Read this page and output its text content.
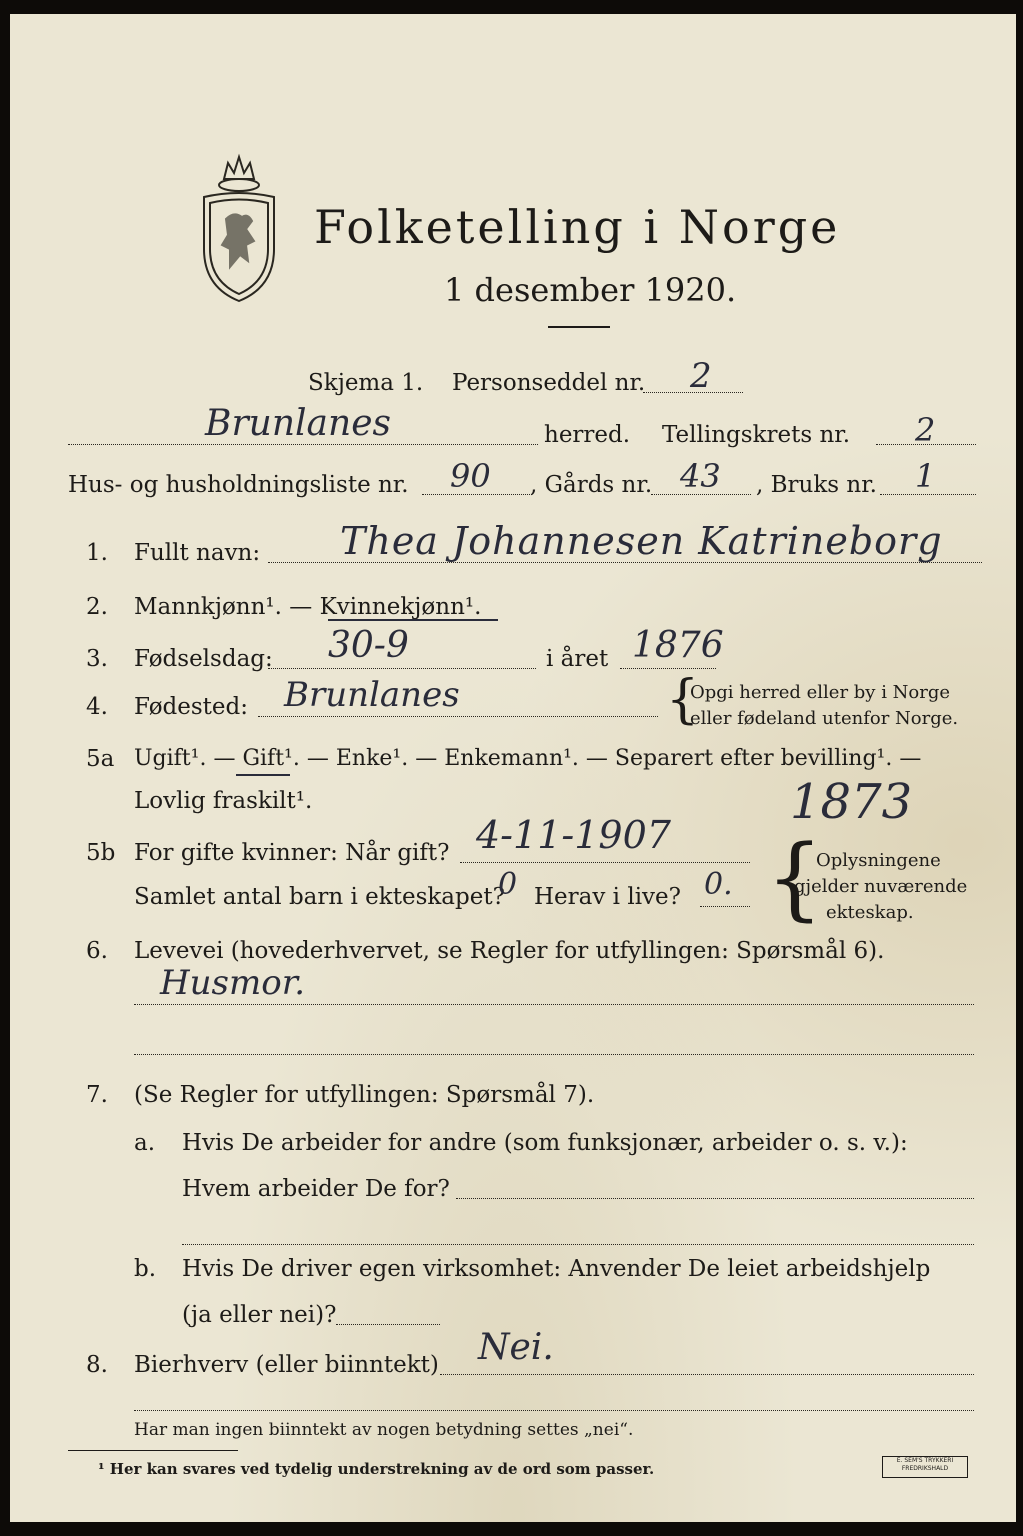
Folketelling i Norge
1 desember 1920.
Skjema 1. Personseddel nr. 2
Brunlanes	herred. Tellingskrets nr. 2
Hus- og husholdningsliste nr. 90 , Gårds nr. 43 , Bruks nr. 1
1. Fullt navn: Thea Johannesen Katrineborg
2. Mannkjønn¹. — Kvinnekjønn¹.
3. Fødselsdag: 30-9	i året 1876
4. Fødested: Brunlanes	{
Opgi herred eller by i Norge
eller fødeland utenfor Norge.
5a Ugift¹. — Gift¹. — Enke¹. — Enkemann¹. — Separert efter bevilling¹. —
Lovlig fraskilt¹.	1873
5b For gifte kvinner: Når gift? 4-11-1907
Samlet antal barn i ekteskapet?
0 Herav i live? 0. {
Oplysningene
gjelder nuværende
ekteskap.
6. Levevei (hovederhvervet, se Regler for utfyllingen: Spørsmål 6).
Husmor.
7. (Se Regler for utfyllingen: Spørsmål 7).
a. Hvis De arbeider for andre (som funksjonær, arbeider o. s. v.):
Hvem arbeider De for?
b. Hvis De driver egen virksomhet: Anvender De leiet arbeidshjelp
(ja eller nei)?
8. Bierhverv (eller biinntekt) Nei.
Har man ingen biinntekt av nogen betydning settes „nei“.
¹ Her kan svares ved tydelig understrekning av de ord som passer.	E. SEM'S TRYKKERI FREDRIKSHALD
